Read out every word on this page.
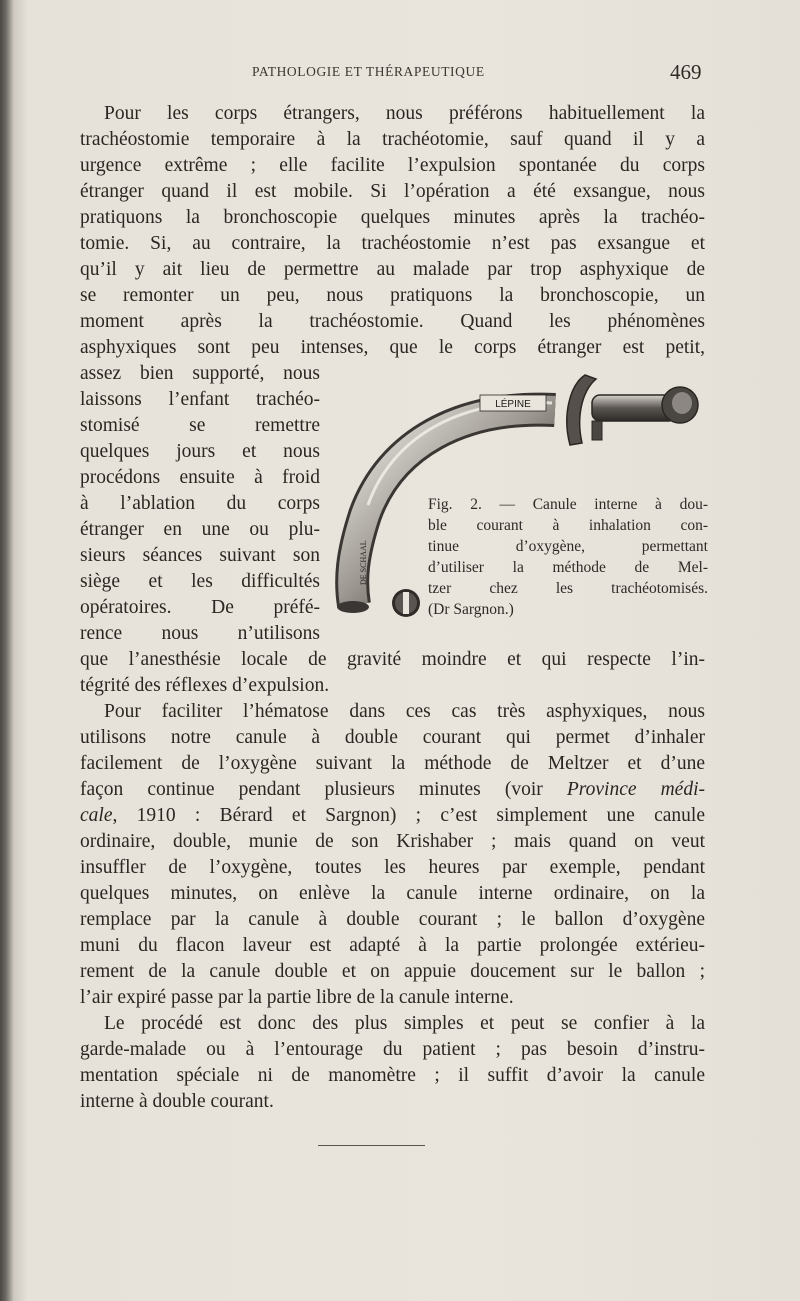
PATHOLOGIE ET THÉRAPEUTIQUE	469
Pour les corps étrangers, nous préférons habituellement la
trachéostomie temporaire à la trachéotomie, sauf quand il y a
urgence extrême ; elle facilite l’expulsion spontanée du corps
étranger quand il est mobile. Si l’opération a été exsangue, nous
pratiquons la bronchoscopie quelques minutes après la trachéo-
tomie. Si, au contraire, la trachéostomie n’est pas exsangue et
qu’il y ait lieu de permettre au malade par trop asphyxique de
se remonter un peu, nous pratiquons la bronchoscopie, un
moment après la trachéostomie. Quand les phénomènes
asphyxiques sont peu intenses, que le corps étranger est petit,
assez bien supporté, nous
laissons l’enfant trachéo-
stomisé se remettre
quelques jours et nous
procédons ensuite à froid
à l’ablation du corps
étranger en une ou plu-
sieurs séances suivant son
siège et les difficultés
opératoires. De préfé-
rence nous n’utilisons
que l’anesthésie locale de gravité moindre et qui respecte l’in-
tégrité des réflexes d’expulsion.
Pour faciliter l’hématose dans ces cas très asphyxiques, nous
utilisons notre canule à double courant qui permet d’inhaler
facilement de l’oxygène suivant la méthode de Meltzer et d’une
façon continue pendant plusieurs minutes (voir Province médi-
cale, 1910 : Bérard et Sargnon) ; c’est simplement une canule
ordinaire, double, munie de son Krishaber ; mais quand on veut
insuffler de l’oxygène, toutes les heures par exemple, pendant
quelques minutes, on enlève la canule interne ordinaire, on la
remplace par la canule à double courant ; le ballon d’oxygène
muni du flacon laveur est adapté à la partie prolongée extérieu-
rement de la canule double et on appuie doucement sur le ballon ;
l’air expiré passe par la partie libre de la canule interne.
Le procédé est donc des plus simples et peut se confier à la
garde-malade ou à l’entourage du patient ; pas besoin d’instru-
mentation spéciale ni de manomètre ; il suffit d’avoir la canule
interne à double courant.
LÉPINE
DE SCHAAL
Fig. 2. — Canule interne à dou-
ble courant à inhalation con-
tinue d’oxygène, permettant
d’utiliser la méthode de Mel-
tzer chez les trachéotomisés.
(Dr Sargnon.)
